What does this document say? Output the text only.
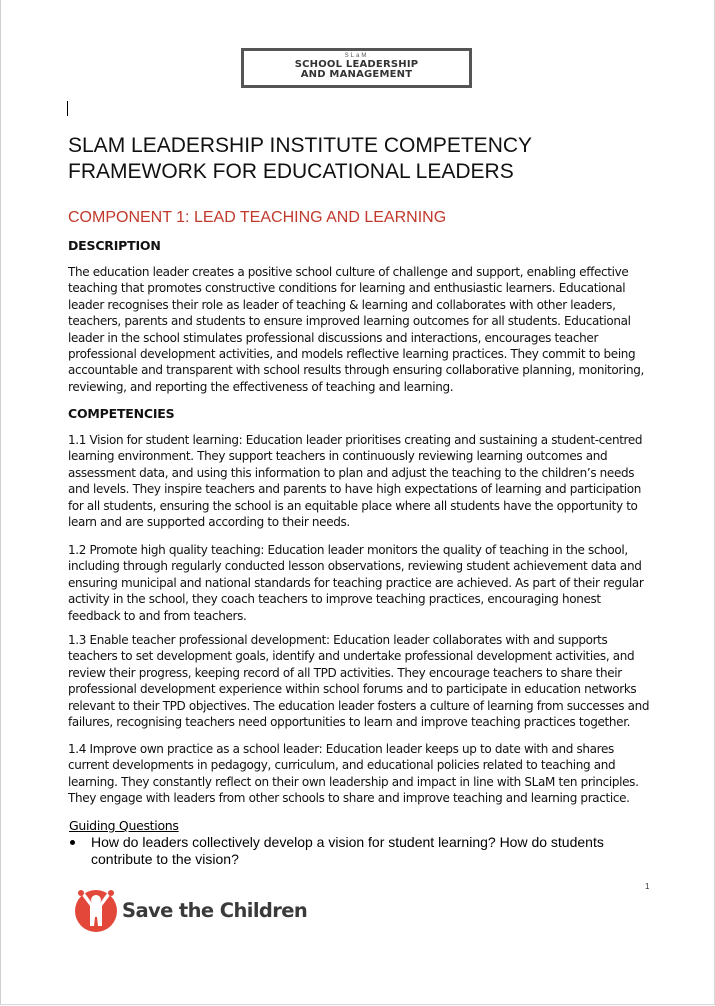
SLaM
SCHOOL LEADERSHIP
AND MANAGEMENT
SLAM LEADERSHIP INSTITUTE COMPETENCY
FRAMEWORK FOR EDUCATIONAL LEADERS
COMPONENT 1: LEAD TEACHING AND LEARNING
DESCRIPTION
The education leader creates a positive school culture of challenge and support, enabling effective teaching that promotes constructive conditions for learning and enthusiastic learners. Educational leader recognises their role as leader of teaching & learning and collaborates with other leaders, teachers, parents and students to ensure improved learning outcomes for all students. Educational leader in the school stimulates professional discussions and interactions, encourages teacher professional development activities, and models reflective learning practices. They commit to being accountable and transparent with school results through ensuring collaborative planning, monitoring, reviewing, and reporting the effectiveness of teaching and learning.
COMPETENCIES
1.1 Vision for student learning: Education leader prioritises creating and sustaining a student-centred learning environment. They support teachers in continuously reviewing learning outcomes and assessment data, and using this information to plan and adjust the teaching to the children’s needs and levels. They inspire teachers and parents to have high expectations of learning and participation for all students, ensuring the school is an equitable place where all students have the opportunity to learn and are supported according to their needs.
1.2 Promote high quality teaching: Education leader monitors the quality of teaching in the school, including through regularly conducted lesson observations, reviewing student achievement data and ensuring municipal and national standards for teaching practice are achieved. As part of their regular activity in the school, they coach teachers to improve teaching practices, encouraging honest feedback to and from teachers.
1.3 Enable teacher professional development: Education leader collaborates with and supports teachers to set development goals, identify and undertake professional development activities, and review their progress, keeping record of all TPD activities. They encourage teachers to share their professional development experience within school forums and to participate in education networks relevant to their TPD objectives. The education leader fosters a culture of learning from successes and failures, recognising teachers need opportunities to learn and improve teaching practices together.
1.4 Improve own practice as a school leader: Education leader keeps up to date with and shares current developments in pedagogy, curriculum, and educational policies related to teaching and learning. They constantly reflect on their own leadership and impact in line with SLaM ten principles. They engage with leaders from other schools to share and improve teaching and learning practice.
Guiding Questions
How do leaders collectively develop a vision for student learning? How do students contribute to the vision?
1
Save the Children
